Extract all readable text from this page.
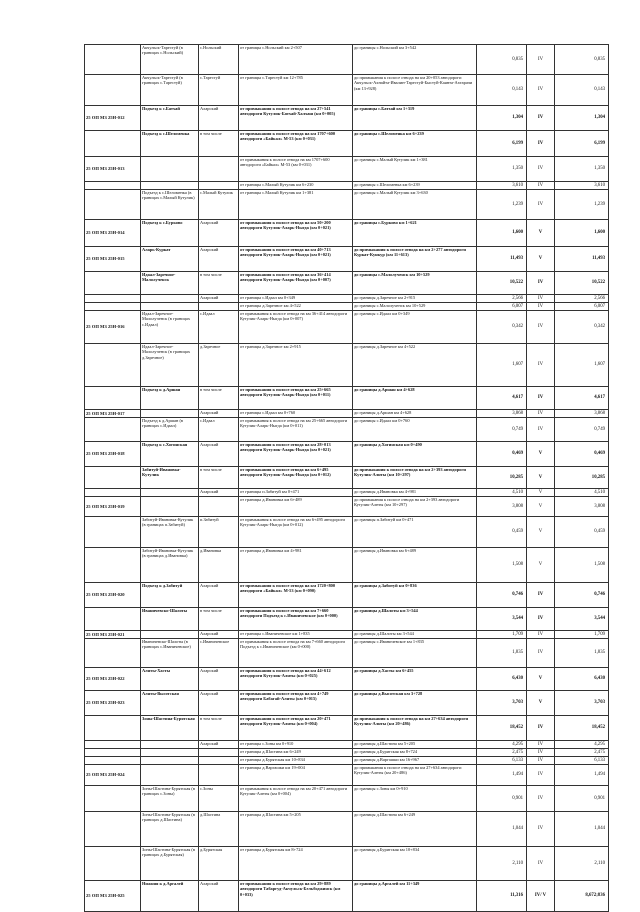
	Акчульск-Тарестуй (в границах с.Нольский)	с.Нольский	от границы с.Нольский км 2+507	до границы с.Нольский км 3+542	0,835	IV	0,835
	Акчульск-Тарестуй (в границах с.Тарестуй)	с.Тарестуй	от границы с.Тарестуй км 12+785	до примыкания к полосе отвода на км 20+053 автодороги Акчульск-Ахнайта-Ивалин-Тарестуй-Быстуй-Каянта-Ахтарачи (км 13+928)	0,143	IV	0,143
25 ОП МЗ 25Н-012	Подъезд к с.Батхай	Аларский	от примыкания к полосе отвода на км 27+541 автодороги Кутулик-Батхай-Халхаш (км 0+005)	до границы с.Батхай км 1+319	1,304	IV	1,304
	Подъезд к с.Шеломенка	в том числе	от примыкания к полосе отвода на км 1707+600 автодороги «Байкал» М-53 (км 0+031)	до границы с.Шеломенка км 6+239	6,199	IV	6,199
25 ОП МЗ 25Н-013			от примыкания к полосе отвода на км 1707+600 автодороги «Байкал» М-53 (км 0+031)	до границы с.Малый Кутулик км 1+381	1,350	IV	1,350
			от границы с.Малый Кутулик км 6+230	до границы с.Шеломенка км 6+239	3,610	IV	3,610
	Подъезд к с.Шеломенка (в границах с.Малый Кутулик)	с.Малый Кутулик	от границы с.Малый Кутулик км 1+381	до границы с.Малый Кутулик км 3+630	1,239	IV	1,239
25 ОП МЗ 25Н-014	Подъезд к с.Бурково	Аларский	от примыкания к полосе отвода на км 50+200 автодороги Кутулик-Аларь-Ныгда (км 0+021)	до границы с.Бурково км 1+621	1,600	V	1,600
25 ОП МЗ 25Н-015	Аларь-Куркат	Аларский	от примыкания к полосе отвода на км 40+713 автодороги Кутулик-Аларь-Ныгда (км 0+021)	до примыкания к полосе отвода на км 2+277 автодороги Куркат-Кункур (км 11+613)	11,493	V	11,493
	Идаал-Заречное-Малолученск	в том числе	от примыкания к полосе отвода на км 36+414 автодороги Кутулик-Аларь-Ныгда (км 0+007)	до границы с.Малолученск км 10+529	10,522	IV	10,522
		Аларский	от границы с.Идаал км 0+349	до границы д.Заречное км 2+915	2,566	IV	2,566
			от границы д.Заречное км 4+522	до границы с.Малолученск км 10+529	6,007	IV	6,007
25 ОП МЗ 25Н-016	Идаал-Заречное-Малолученск (в границах с.Идаал)	с.Идаал	от примыкания к полосе отвода на км 36+414 автодороги Кутулик-Аларь-Ныгда (км 0+007)	до границы с.Идаал км 0+349	0,342	IV	0,342
	Идаал-Заречное-Малолученск (в границах д.Заречное)	д.Заречное	от границы д.Заречное км 2+915	до границы д.Заречное км 4+522	1,607	IV	1,607
	Подъезд к д.Аршан	в том числе	от примыкания к полосе отвода на км 25+665 автодороги Кутулик-Аларь-Ныгда (км 0+011)	до границы д.Аршан км 4+628	4,617	IV	4,617
25 ОП МЗ 25Н-017		Аларский	от границы с.Идаал км 0+760	до границы д.Аршан км 4+628	3,868	IV	3,868
	Подъезд к д.Аршан (в границах с.Идаал)	с.Идаал	от примыкания к полосе отвода на км 25+665 автодороги Кутулик-Аларь-Ныгда (км 0+011)	до границы с.Идаал км 0+760	0,749	IV	0,749
25 ОП МЗ 25Н-018	Подъезд к с.Хогинская	Аларский	от примыкания к полосе отвода на км 28+013 автодороги Кутулик-Аларь-Ныгда (км 0+021)	до границы д.Хогинская км 0+490	0,469	V	0,469
	Забитуй-Ивановка-Кутулик	в том числе	от примыкания к полосе отвода на км 6+495 автодороги Кутулик-Аларь-Ныгда (км 0+012)	до примыкания к полосе отвода на км 2+393 автодороги Кутулик-Алнты (км 10+297)	10,285	V	10,285
		Аларский	от границы п.Забитуй км 0+471	до границы д.Ивановка км 4+981	4,510	V	4,510
25 ОП МЗ 25Н-019			от границы д.Ивановка км 6+489	до примыкания к полосе отвода на км 2+393 автодороги Кутулик-Алнты (км 10+297)	3,808	V	3,808
	Забитуй-Ивановка-Кутулик (в границах п.Забитуй)	п.Забитуй	от примыкания к полосе отвода на км 6+495 автодороги Кутулик-Аларь-Ныгда (км 0+012)	до границы п.Забитуй км 0+471	0,459	V	0,459
	Забитуй-Ивановка-Кутулик (в границах д.Ивановка)	д.Ивановка	от границы д.Ивановка км 4+981	до границы д.Ивановка км 6+489	1,508	V	1,508
25 ОП МЗ 25Н-020	Подъезд к д.Забитуй	Аларский	от примыкания к полосе отвода на км 1720+800 автодороги «Байкал» М-53 (км 0+090)	до границы д.Забитуй км 0+836	0,746	IV	0,746
	Иваничевско-Шалоты	в том числе	от примыкания к полосе отвода на км 7+660 автодороги Подъезд к с.Иваничевское (км 0+000)	до границы д.Шалоты км 3+544	3,544	IV	3,544
25 ОП МЗ 25Н-021		Аларский	от границы с.Иваничевское км 1+835	до границы д.Шалоты км 3+544	1,709	IV	1,709
	Иваничевско-Шалоты (в границах с.Иваничевское)	с.Иваничевское	от примыкания к полосе отвода на км 7+660 автодороги Подъезд к с.Иваничевское (км 0+000)	до границы с.Иваничевское км 1+835	1,835	IV	1,835
25 ОП МЗ 25Н-022	Алнты-Хасты	Аларский	от примыкания к полосе отвода на км 44+612 автодороги Кутулик-Алнты (км 0+025)	до границы д.Хасты км 6+455	6,430	V	6,430
25 ОП МЗ 25Н-023	Алнты-Высотская	Аларский	от примыкания к полосе отвода на км 4+749 автодороги Бабагай-Алнты (км 0+015)	до границы д.Высотская км 3+728	3,703	V	3,703
	Зоны-Шастина-Бурятская	в том числе	от примыкания к полосе отвода на км 20+471 автодороги Кутулик-Алнты (км 0+004)	до примыкания к полосе отвода на км 27+634 автодороги Кутулик-Алнты (км 20+486)	18,452	IV	18,452
		Аларский	от границы с.Зоны км 0+910	до границы д.Шастина км 5+205	4,295	IV	4,295
			от границы д.Шастина км 6+249	до границы д.Бурятская км 8+724	2,475	IV	2,475
			от границы д.Бурятская км 10+834	до границы д.Варгашки км 16+967	6,133	IV	6,133
25 ОП МЗ 25Н-024			от границы д.Варгашки км 19+004	до примыкания к полосе отвода на км 27+634 автодороги Кутулик-Алнты (км 20+486)	1,494	IV	1,494
	Зоны-Шастина-Бурятская (в границах с.Зоны)	с.Зоны	от примыкания к полосе отвода на км 20+471 автодороги Кутулик-Алнты (км 0+004)	до границы с.Зоны км 0+910	0,901	IV	0,901
	Зоны-Шастина-Бурятская (в границах д.Шастина)	д.Шастина	от границы д.Шастина км 5+205	до границы д.Шастина км 6+249	1,044	IV	1,044
	Зоны-Шастина-Бурятская (в границах д.Бурятская)	д.Бурятская	от границы д.Бурятская км 8+724	до границы д.Бурятская км 10+834	2,110	IV	2,110
25 ОП МЗ 25Н-025	Нижняя к д.Аргалей	Аларский	от примыкания к полосе отвода на км 29+889 автодороги Табаргуд-Акчульск-Бельбоджинск (км 0+033)	до границы д.Аргалей км 11+349	11,316	IV/ V	8,672;836
